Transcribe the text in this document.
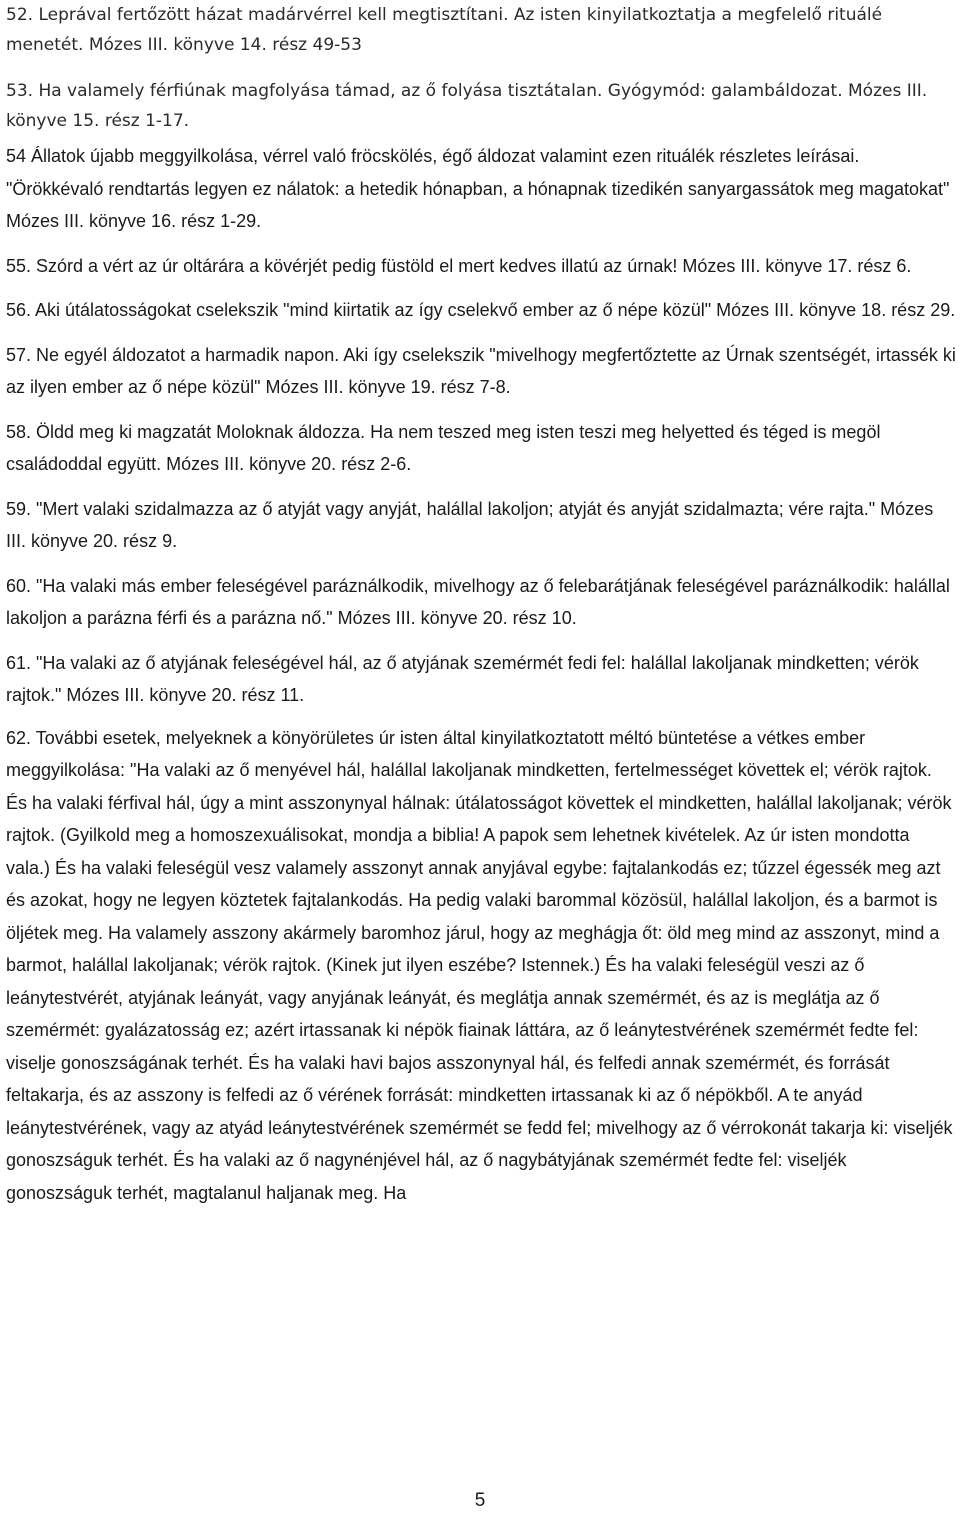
52. Leprával fertőzött házat madárvérrel kell megtisztítani. Az isten kinyilatkoztatja a megfelelő rituálé menetét. Mózes III. könyve 14. rész 49-53

53. Ha valamely férfiúnak magfolyása támad, az ő folyása tisztátalan. Gyógymód: galambáldozat. Mózes III. könyve 15. rész 1-17.

54 Állatok újabb meggyilkolása, vérrel való fröcskölés, égő áldozat valamint ezen rituálék részletes leírásai. "Örökkévaló rendtartás legyen ez nálatok: a hetedik hónapban, a hónapnak tizedikén sanyargassátok meg magatokat" Mózes III. könyve 16. rész 1-29.

55. Szórd a vért az úr oltárára a kövérjét pedig füstöld el mert kedves illatú az úrnak! Mózes III. könyve 17. rész 6.

56. Aki útálatosságokat cselekszik "mind kiirtatik az így cselekvő ember az ő népe közül" Mózes III. könyve 18. rész 29.

57. Ne egyél áldozatot a harmadik napon. Aki így cselekszik "mivelhogy megfertőztette az Úrnak szentségét, irtassék ki az ilyen ember az ő népe közül" Mózes III. könyve 19. rész 7-8.

58. Öldd meg ki magzatát Moloknak áldozza. Ha nem teszed meg isten teszi meg helyetted és téged is megöl családoddal együtt. Mózes III. könyve 20. rész 2-6.

59. "Mert valaki szidalmazza az ő atyját vagy anyját, halállal lakoljon; atyját és anyját szidalmazta; vére rajta." Mózes III. könyve 20. rész 9.

60. "Ha valaki más ember feleségével paráználkodik, mivelhogy az ő felebarátjának feleségével paráználkodik: halállal lakoljon a parázna férfi és a parázna nő." Mózes III. könyve 20. rész 10.

61. "Ha valaki az ő atyjának feleségével hál, az ő atyjának szemérmét fedi fel: halállal lakoljanak mindketten; vérök rajtok." Mózes III. könyve 20. rész 11.

62. További esetek, melyeknek a könyörületes úr isten által kinyilatkoztatott méltó büntetése a vétkes ember meggyilkolása: "Ha valaki az ő menyével hál, halállal lakoljanak mindketten, fertelmességet követtek el; vérök rajtok. És ha valaki férfival hál, úgy a mint asszonynyal hálnak: útálatosságot követtek el mindketten, halállal lakoljanak; vérök rajtok. (Gyilkold meg a homoszexuálisokat, mondja a biblia! A papok sem lehetnek kivételek. Az úr isten mondotta vala.) És ha valaki feleségül vesz valamely asszonyt annak anyjával egybe: fajtalankodás ez; tűzzel égessék meg azt és azokat, hogy ne legyen köztetek fajtalankodás. Ha pedig valaki barommal közösül, halállal lakoljon, és a barmot is öljétek meg. Ha valamely asszony akármely baromhoz járul, hogy az meghágja őt: öld meg mind az asszonyt, mind a barmot, halállal lakoljanak; vérök rajtok. (Kinek jut ilyen eszébe? Istennek.) És ha valaki feleségül veszi az ő leánytestvérét, atyjának leányát, vagy anyjának leányát, és meglátja annak szemérmét, és az is meglátja az ő szemérmét: gyalázatosság ez; azért irtassanak ki népök fiainak láttára, az ő leánytestvérének szemérmét fedte fel: viselje gonoszságának terhét. És ha valaki havi bajos asszonynyal hál, és felfedi annak szemérmét, és forrását feltakarja, és az asszony is felfedi az ő vérének forrását: mindketten irtassanak ki az ő népökből. A te anyád leánytestvérének, vagy az atyád leánytestvérének szemérmét se fedd fel; mivelhogy az ő vérrokonát takarja ki: viseljék gonoszságuk terhét. És ha valaki az ő nagynénjével hál, az ő nagybátyjának szemérmét fedte fel: viseljék gonoszságuk terhét, magtalanul haljanak meg. Ha

5
